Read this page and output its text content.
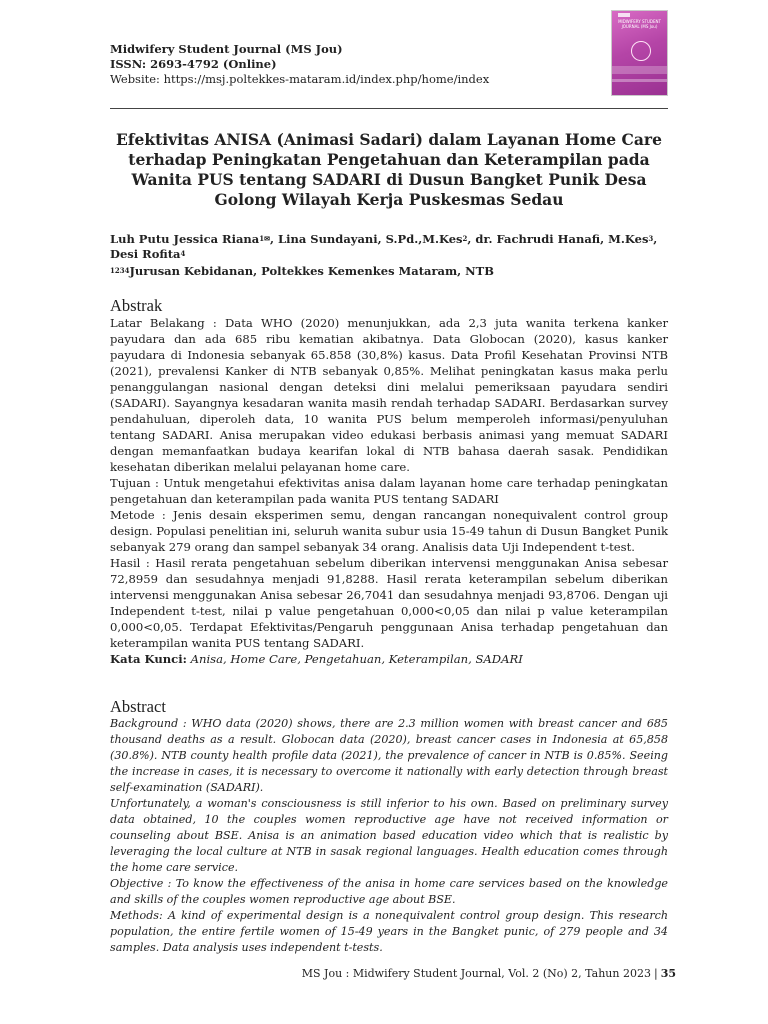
Midwifery Student Journal (MS Jou)
ISSN: 2693-4792 (Online)
Website: https://msj.poltekkes-mataram.id/index.php/home/index
MIDWIFERY STUDENT JOURNAL (MS Jou)
Efektivitas ANISA (Animasi Sadari) dalam Layanan Home Care terhadap Peningkatan Pengetahuan dan Keterampilan pada Wanita PUS tentang SADARI di Dusun Bangket Punik Desa Golong Wilayah Kerja Puskesmas Sedau
Luh Putu Jessica Riana$^{1✉}$, Lina Sundayani, S.Pd.,M.Kes$^2$, dr. Fachrudi Hanafi, M.Kes$^3$, Desi Rofita$^4$
$^{1234}$Jurusan Kebidanan, Poltekkes Kemenkes Mataram, NTB
Abstrak

Latar Belakang : Data WHO (2020) menunjukkan, ada 2,3 juta wanita terkena kanker payudara dan ada 685 ribu kematian akibatnya. Data Globocan (2020), kasus kanker payudara di Indonesia sebanyak 65.858 (30,8%) kasus. Data Profil Kesehatan Provinsi NTB (2021), prevalensi Kanker di NTB sebanyak 0,85%. Melihat peningkatan kasus maka perlu penanggulangan nasional dengan deteksi dini melalui pemeriksaan payudara sendiri (SADARI). Sayangnya kesadaran wanita masih rendah terhadap SADARI. Berdasarkan survey pendahuluan, diperoleh data, 10 wanita PUS belum memperoleh informasi/penyuluhan tentang SADARI. Anisa merupakan video edukasi berbasis animasi yang memuat SADARI dengan memanfaatkan budaya kearifan lokal di NTB bahasa daerah sasak. Pendidikan kesehatan diberikan melalui pelayanan home care.

Tujuan : Untuk mengetahui efektivitas anisa dalam layanan home care terhadap peningkatan pengetahuan dan keterampilan pada wanita PUS tentang SADARI

Metode : Jenis desain eksperimen semu, dengan rancangan nonequivalent control group design. Populasi penelitian ini, seluruh wanita subur usia 15-49 tahun di Dusun Bangket Punik sebanyak 279 orang dan sampel sebanyak 34 orang. Analisis data Uji Independent t-test.

Hasil : Hasil rerata pengetahuan sebelum diberikan intervensi menggunakan Anisa sebesar 72,8959 dan sesudahnya menjadi 91,8288. Hasil rerata keterampilan sebelum diberikan intervensi menggunakan Anisa sebesar 26,7041 dan sesudahnya menjadi 93,8706. Dengan uji Independent t-test, nilai p value pengetahuan 0,000<0,05 dan nilai p value keterampilan 0,000<0,05. Terdapat Efektivitas/Pengaruh penggunaan Anisa terhadap pengetahuan dan keterampilan wanita PUS tentang SADARI.

Kata Kunci: Anisa, Home Care, Pengetahuan, Keterampilan, SADARI

Abstract

Background : WHO data (2020) shows, there are 2.3 million women with breast cancer and 685 thousand deaths as a result. Globocan data (2020), breast cancer cases in Indonesia at 65,858 (30.8%). NTB county health profile data (2021), the prevalence of cancer in NTB is 0.85%. Seeing the increase in cases, it is necessary to overcome it nationally with early detection through breast self-examination (SADARI).

Unfortunately, a woman's consciousness is still inferior to his own. Based on preliminary survey data obtained, 10 the couples women reproductive age have not received information or counseling about BSE. Anisa is an animation based education video which that is realistic by leveraging the local culture at NTB in sasak regional languages. Health education comes through the home care service.

Objective : To know the effectiveness of the anisa in home care services based on the knowledge and skills of the couples women reproductive age about BSE.

Methods: A kind of experimental design is a nonequivalent control group design. This research population, the entire fertile women of 15-49 years in the Bangket punic, of 279 people and 34 samples. Data analysis uses independent t-tests.

MS Jou : Midwifery Student Journal, Vol. 2 (No) 2, Tahun 2023 | 35
